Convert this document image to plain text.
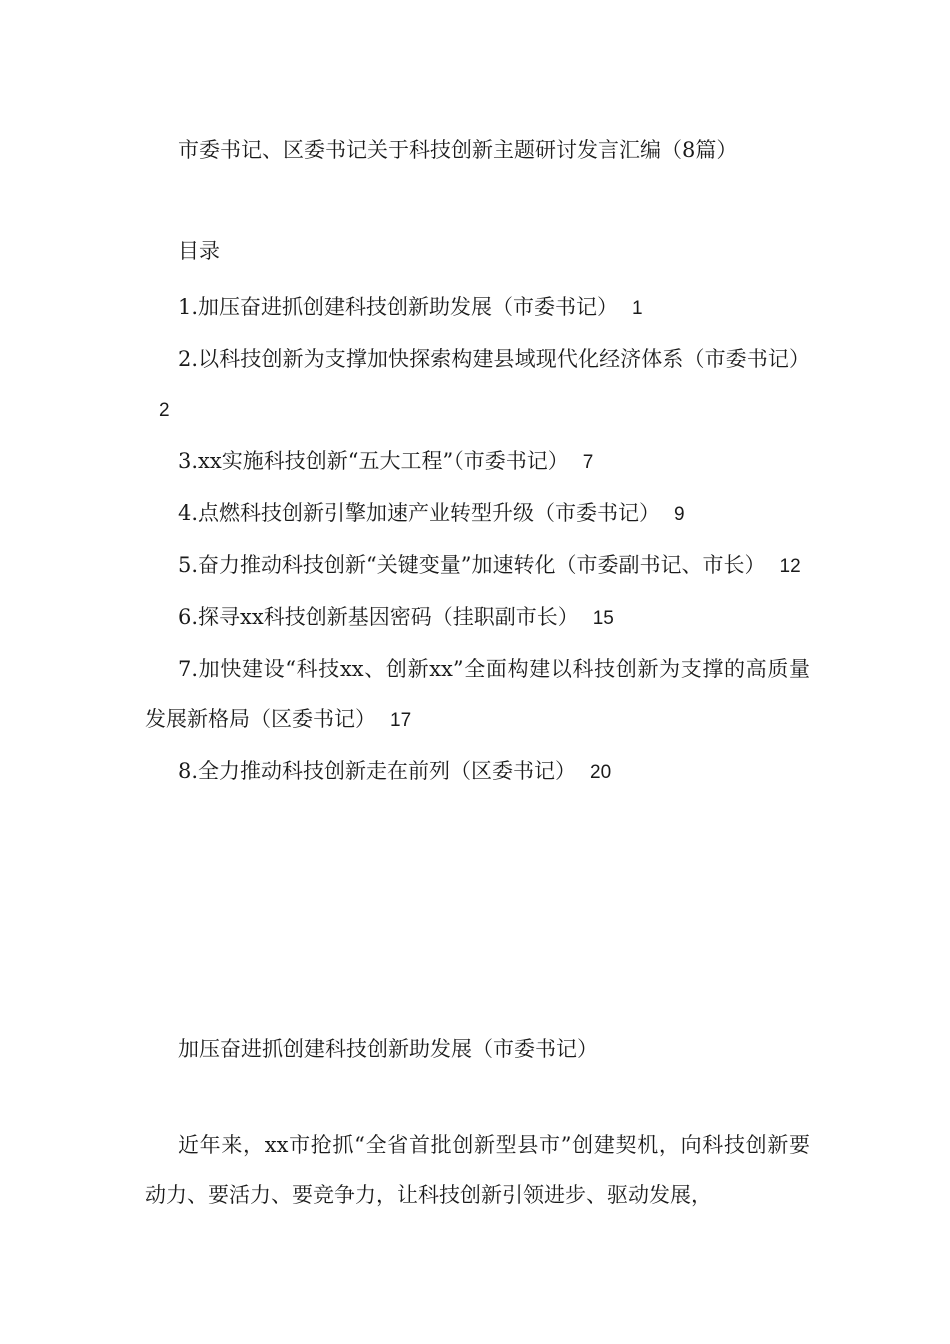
市委书记、区委书记关于科技创新主题研讨发言汇编（8篇）
目录
1.加压奋进抓创建科技创新助发展（市委书记） 1
2.以科技创新为支撑加快探索构建县域现代化经济体系（市委书记）2
3.xx实施科技创新“五大工程”（市委书记） 7
4.点燃科技创新引擎加速产业转型升级（市委书记） 9
5.奋力推动科技创新“关键变量”加速转化（市委副书记、市长） 12
6.探寻xx科技创新基因密码（挂职副市长） 15
7.加快建设“科技xx、创新xx”全面构建以科技创新为支撑的高质量发展新格局（区委书记） 17
8.全力推动科技创新走在前列（区委书记） 20
加压奋进抓创建科技创新助发展（市委书记）

近年来，xx市抢抓“全省首批创新型县市”创建契机，向科技创新要动力、要活力、要竞争力，让科技创新引领进步、驱动发展，
